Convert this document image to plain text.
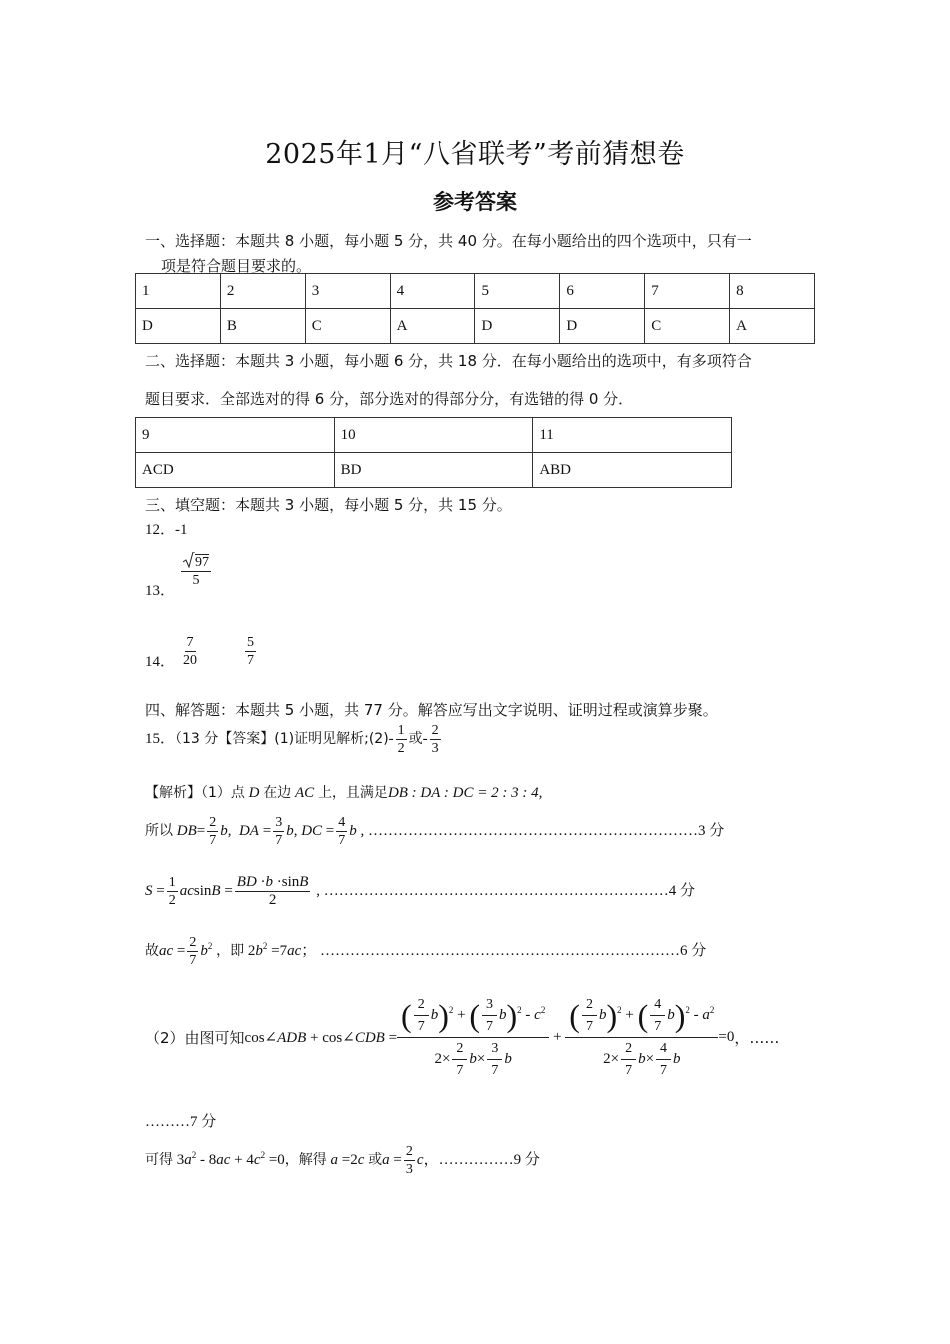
2025年1月“八省联考”考前猜想卷
参考答案
一、选择题：本题共 8 小题，每小题 5 分，共 40 分。在每小题给出的四个选项中，只有一
项是符合题目要求的。
1	2	3	4	5	6	7	8
D	B	C	A	D	D	C	A
二、选择题：本题共 3 小题，每小题 6 分，共 18 分．在每小题给出的选项中，有多项符合
题目要求．全部选对的得 6 分，部分选对的得部分分，有选错的得 0 分．
9	10	11
ACD	BD	ABD
三、填空题：本题共 3 小题，每小题 5 分，共 15 分。
12．-1
13．
$\frac{97}{5}$
14． $\frac{7}{20}$	$\frac{5}{7}$
四、解答题：本题共 5 小题，共 77 分。解答应写出文字说明、证明过程或演算步聚。
15．（13 分【答案】(1)证明见解析;(2)- $\frac{1}{2}$ 或- $\frac{2}{3}$
【解析】（1）点 D 在边 AC 上，且满足DB : DA : DC = 2 : 3 : 4,
所以 $DB= \frac{2}{7} b$,  DA = $\frac{3}{7} b$, DC = $\frac{4}{7}$ b , …………………………………………………………3 分
$S = \frac{1}{2}$ $acsinB = \frac{BD \cdot b \cdot\sin B}{2}$ , ……………………………………………………………4 分
故ac = $\frac{2}{7} b^2$ ，即 $2b^2 =7ac$； ………………………………………………………………6 分
（2）由图可知cos∠ADB + cos∠CDB = $\frac{( \frac{2}{7} b)^2 + ( \frac{3}{7} b)^2 - c^2}{2\times \frac{2}{7} b\times \frac{3}{7} b} + \frac{( \frac{2}{7} b)^2 + ( \frac{4}{7} b)^2 - a^2}{2\times \frac{2}{7} b\times \frac{4}{7} b} =0$，……
………7 分
可得 $3a^2 - 8ac + 4c^2 =0$，解得 a =2c 或$a = \frac{2}{3}$ c，……………9 分
